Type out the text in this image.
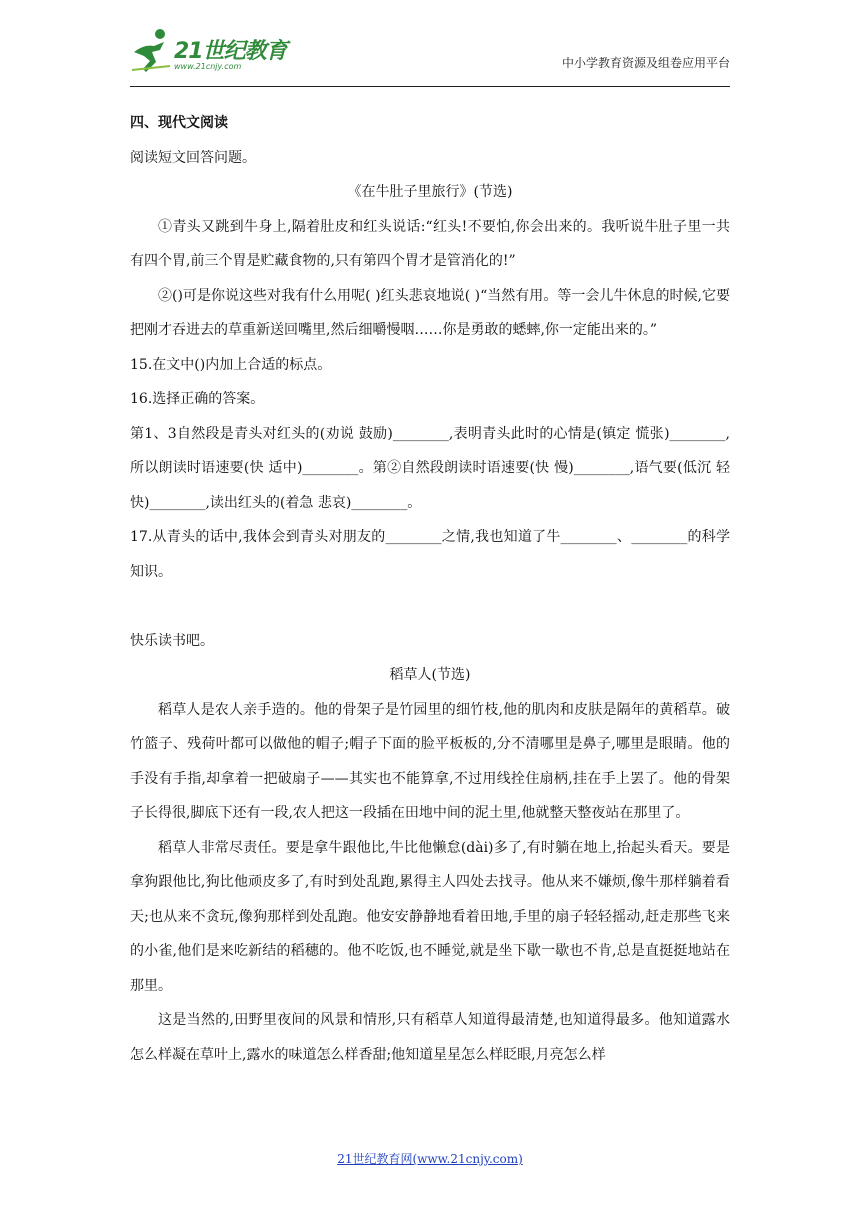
21世纪教育
www.21cnjy.com	中小学教育资源及组卷应用平台

四、现代文阅读

阅读短文回答问题。

《在牛肚子里旅行》(节选)

①青头又跳到牛身上,隔着肚皮和红头说话:“红头!不要怕,你会出来的。我听说牛肚子里一共有四个胃,前三个胃是贮藏食物的,只有第四个胃才是管消化的!”

②()可是你说这些对我有什么用呢( )红头悲哀地说( )“当然有用。等一会儿牛休息的时候,它要把刚才吞进去的草重新送回嘴里,然后细嚼慢咽……你是勇敢的蟋蟀,你一定能出来的。”

15.在文中()内加上合适的标点。

16.选择正确的答案。

第1、3自然段是青头对红头的(劝说 鼓励)________,表明青头此时的心情是(镇定 慌张)________,所以朗读时语速要(快 适中)________。第②自然段朗读时语速要(快 慢)________,语气要(低沉 轻快)________,读出红头的(着急 悲哀)________。

17.从青头的话中,我体会到青头对朋友的________之情,我也知道了牛________、________的科学知识。

快乐读书吧。

稻草人(节选)

稻草人是农人亲手造的。他的骨架子是竹园里的细竹枝,他的肌肉和皮肤是隔年的黄稻草。破竹篮子、残荷叶都可以做他的帽子;帽子下面的脸平板板的,分不清哪里是鼻子,哪里是眼睛。他的手没有手指,却拿着一把破扇子——其实也不能算拿,不过用线拴住扇柄,挂在手上罢了。他的骨架子长得很,脚底下还有一段,农人把这一段插在田地中间的泥土里,他就整天整夜站在那里了。

稻草人非常尽责任。要是拿牛跟他比,牛比他懒怠(dài)多了,有时躺在地上,抬起头看天。要是拿狗跟他比,狗比他顽皮多了,有时到处乱跑,累得主人四处去找寻。他从来不嫌烦,像牛那样躺着看天;也从来不贪玩,像狗那样到处乱跑。他安安静静地看着田地,手里的扇子轻轻摇动,赶走那些飞来的小雀,他们是来吃新结的稻穗的。他不吃饭,也不睡觉,就是坐下歇一歇也不肯,总是直挺挺地站在那里。

这是当然的,田野里夜间的风景和情形,只有稻草人知道得最清楚,也知道得最多。他知道露水怎么样凝在草叶上,露水的味道怎么样香甜;他知道星星怎么样眨眼,月亮怎么样

21世纪教育网(www.21cnjy.com)
